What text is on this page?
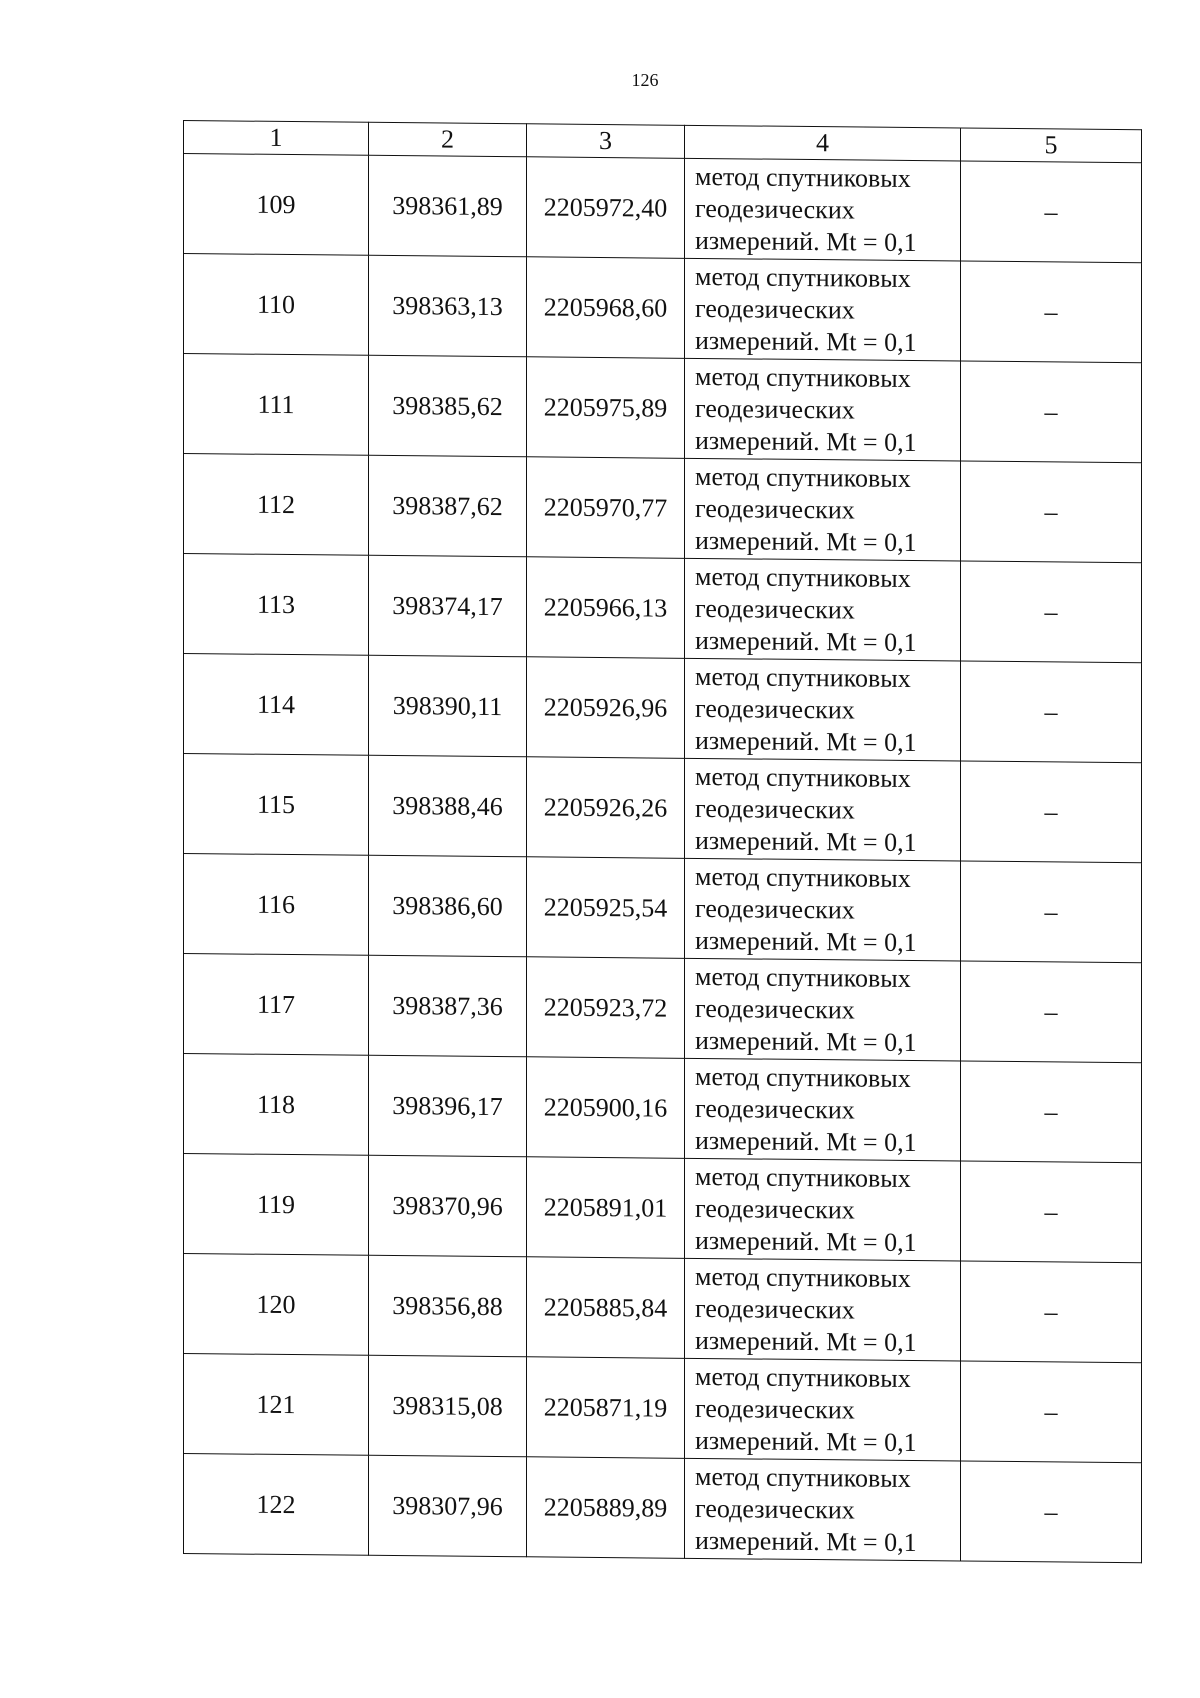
126
1	2	3	4	5
109	398361,89	2205972,40	метод спутниковых
геодезических
измерений. Mt = 0,1	–
110	398363,13	2205968,60	метод спутниковых
геодезических
измерений. Mt = 0,1	–
111	398385,62	2205975,89	метод спутниковых
геодезических
измерений. Mt = 0,1	–
112	398387,62	2205970,77	метод спутниковых
геодезических
измерений. Mt = 0,1	–
113	398374,17	2205966,13	метод спутниковых
геодезических
измерений. Mt = 0,1	–
114	398390,11	2205926,96	метод спутниковых
геодезических
измерений. Mt = 0,1	–
115	398388,46	2205926,26	метод спутниковых
геодезических
измерений. Mt = 0,1	–
116	398386,60	2205925,54	метод спутниковых
геодезических
измерений. Mt = 0,1	–
117	398387,36	2205923,72	метод спутниковых
геодезических
измерений. Mt = 0,1	–
118	398396,17	2205900,16	метод спутниковых
геодезических
измерений. Mt = 0,1	–
119	398370,96	2205891,01	метод спутниковых
геодезических
измерений. Mt = 0,1	–
120	398356,88	2205885,84	метод спутниковых
геодезических
измерений. Mt = 0,1	–
121	398315,08	2205871,19	метод спутниковых
геодезических
измерений. Mt = 0,1	–
122	398307,96	2205889,89	метод спутниковых
геодезических
измерений. Mt = 0,1	–
